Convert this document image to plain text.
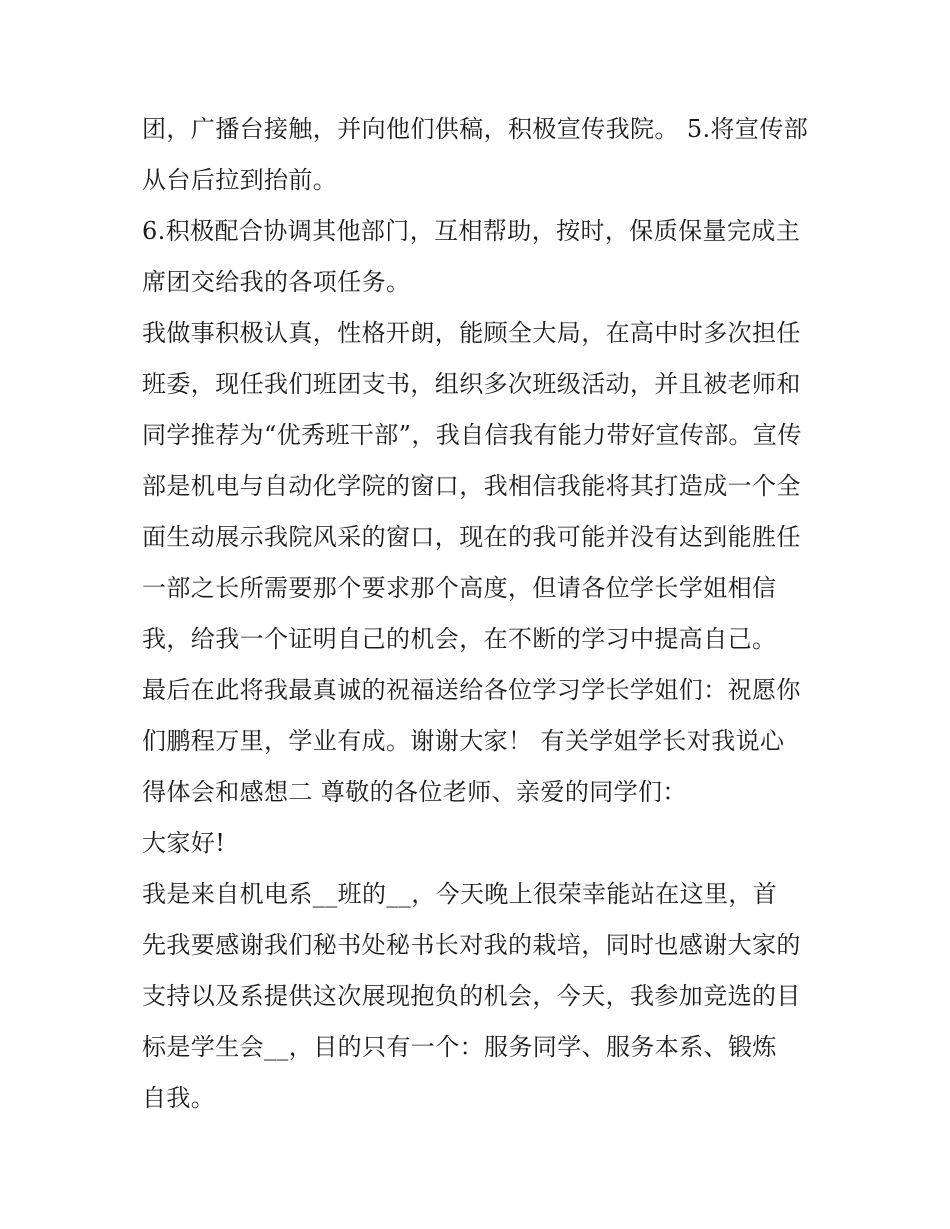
团，广播台接触，并向他们供稿，积极宣传我院。 5.将宣传部
从台后拉到抬前。
6.积极配合协调其他部门，互相帮助，按时，保质保量完成主
席团交给我的各项任务。
我做事积极认真，性格开朗，能顾全大局，在高中时多次担任
班委，现任我们班团支书，组织多次班级活动，并且被老师和
同学推荐为“优秀班干部”，我自信我有能力带好宣传部。宣传
部是机电与自动化学院的窗口，我相信我能将其打造成一个全
面生动展示我院风采的窗口，现在的我可能并没有达到能胜任
一部之长所需要那个要求那个高度，但请各位学长学姐相信
我，给我一个证明自己的机会，在不断的学习中提高自己。
最后在此将我最真诚的祝福送给各位学习学长学姐们：祝愿你
们鹏程万里，学业有成。谢谢大家！ 有关学姐学长对我说心
得体会和感想二 尊敬的各位老师、亲爱的同学们：
大家好!
我是来自机电系__班的__，今天晚上很荣幸能站在这里，首
先我要感谢我们秘书处秘书长对我的栽培，同时也感谢大家的
支持以及系提供这次展现抱负的机会，今天，我参加竞选的目
标是学生会__，目的只有一个：服务同学、服务本系、锻炼
自我。
